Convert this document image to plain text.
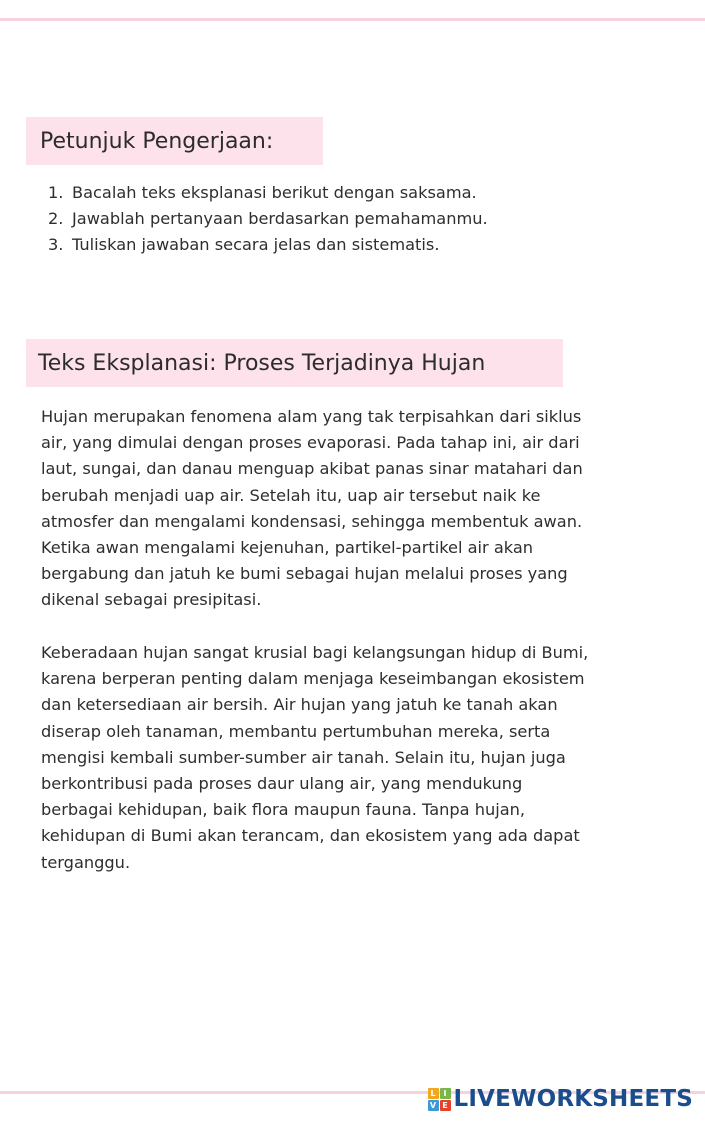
Petunjuk Pengerjaan:
1. Bacalah teks eksplanasi berikut dengan saksama.
2. Jawablah pertanyaan berdasarkan pemahamanmu.
3. Tuliskan jawaban secara jelas dan sistematis.
Teks Eksplanasi: Proses Terjadinya Hujan

Hujan merupakan fenomena alam yang tak terpisahkan dari siklus
air, yang dimulai dengan proses evaporasi. Pada tahap ini, air dari
laut, sungai, dan danau menguap akibat panas sinar matahari dan
berubah menjadi uap air. Setelah itu, uap air tersebut naik ke
atmosfer dan mengalami kondensasi, sehingga membentuk awan.
Ketika awan mengalami kejenuhan, partikel-partikel air akan
bergabung dan jatuh ke bumi sebagai hujan melalui proses yang
dikenal sebagai presipitasi.

Keberadaan hujan sangat krusial bagi kelangsungan hidup di Bumi,
karena berperan penting dalam menjaga keseimbangan ekosistem
dan ketersediaan air bersih. Air hujan yang jatuh ke tanah akan
diserap oleh tanaman, membantu pertumbuhan mereka, serta
mengisi kembali sumber-sumber air tanah. Selain itu, hujan juga
berkontribusi pada proses daur ulang air, yang mendukung
berbagai kehidupan, baik flora maupun fauna. Tanpa hujan,
kehidupan di Bumi akan terancam, dan ekosistem yang ada dapat
terganggu.

L I
V E LIVEWORKSHEETS
